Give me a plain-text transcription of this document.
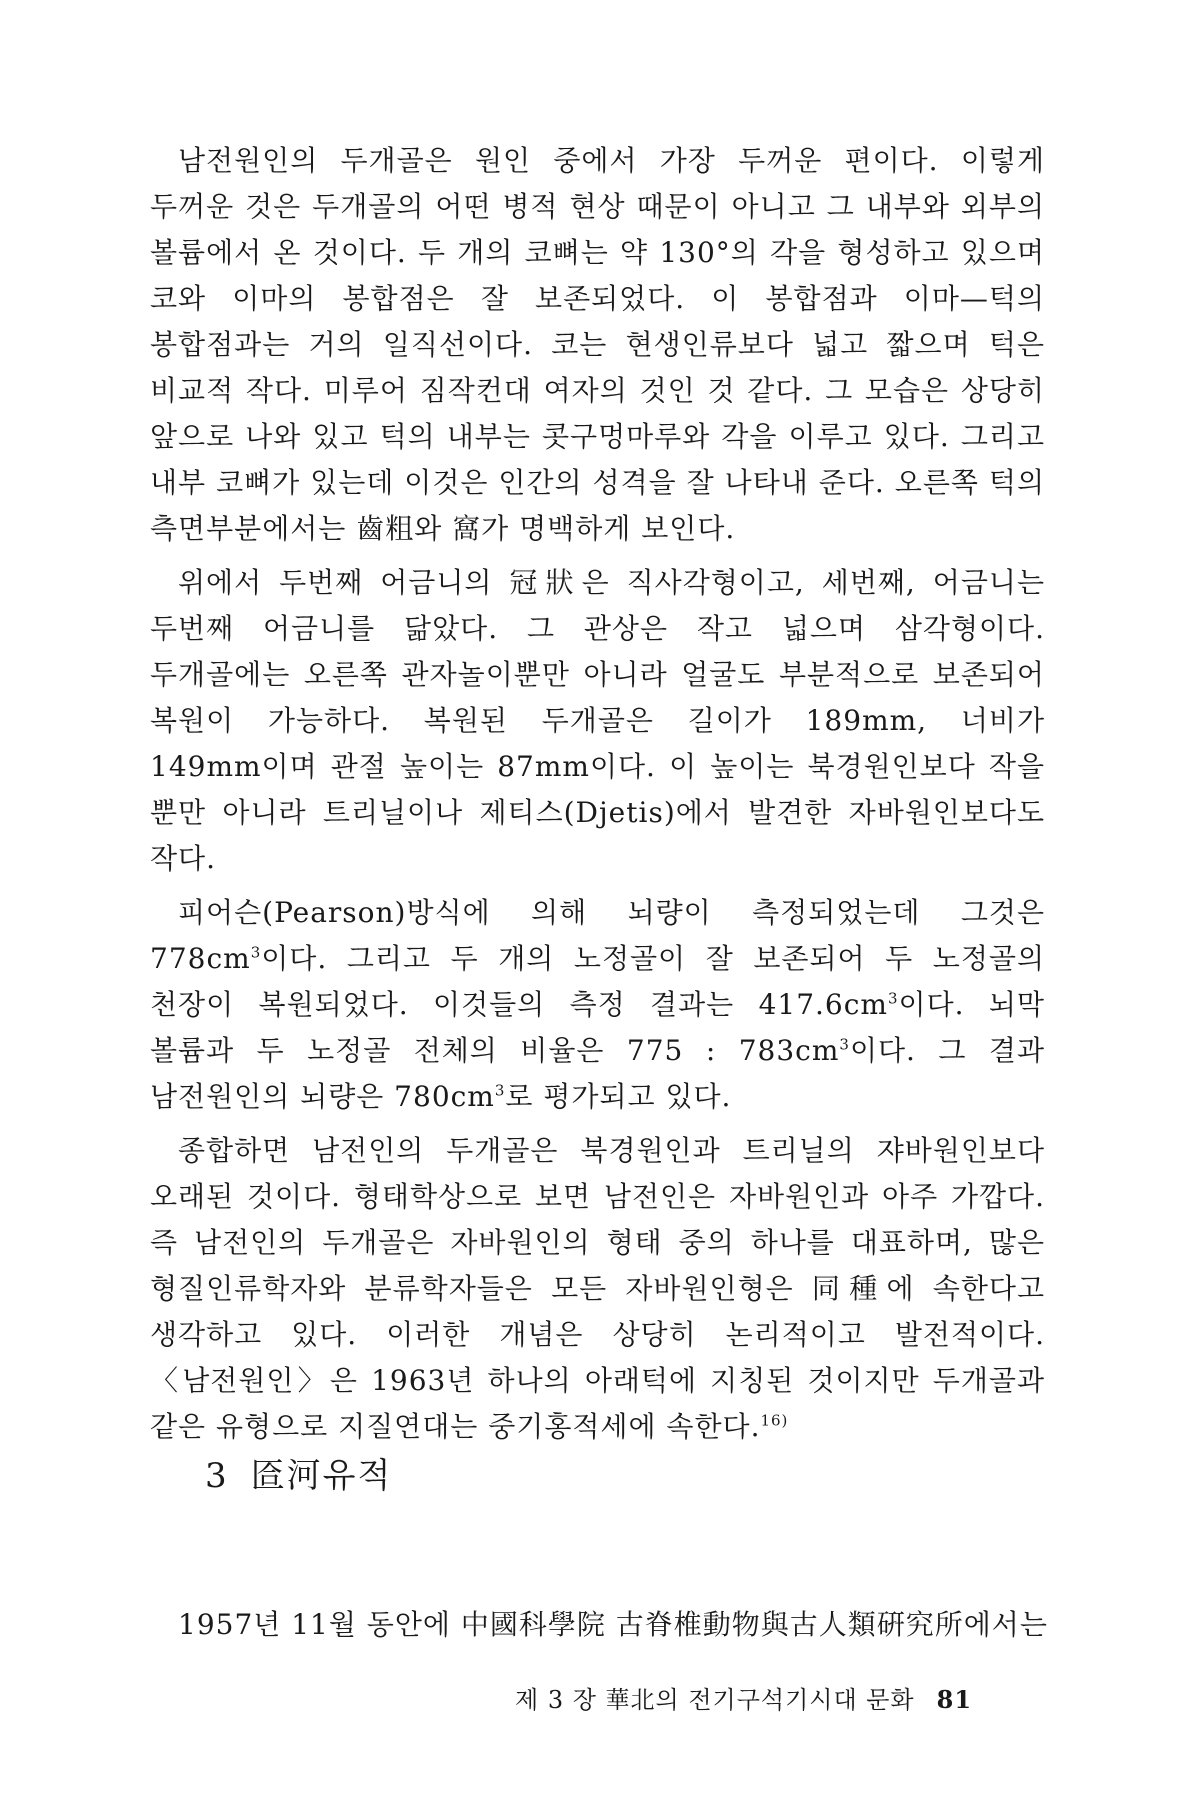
남전원인의 두개골은 원인 중에서 가장 두꺼운 편이다. 이렇게 두꺼운 것은 두개골의 어떤 병적 현상 때문이 아니고 그 내부와 외부의 볼륨에서 온 것이다. 두 개의 코뼈는 약 130°의 각을 형성하고 있으며 코와 이마의 봉합점은 잘 보존되었다. 이 봉합점과 이마—턱의 봉합점과는 거의 일직선이다. 코는 현생인류보다 넓고 짧으며 턱은 비교적 작다. 미루어 짐작컨대 여자의 것인 것 같다. 그 모습은 상당히 앞으로 나와 있고 턱의 내부는 콧구멍마루와 각을 이루고 있다. 그리고 내부 코뼈가 있는데 이것은 인간의 성격을 잘 나타내 준다. 오른쪽 턱의 측면부분에서는 齒粗와 窩가 명백하게 보인다.

위에서 두번째 어금니의 冠狀은 직사각형이고, 세번째, 어금니는 두번째 어금니를 닮았다. 그 관상은 작고 넓으며 삼각형이다. 두개골에는 오른쪽 관자놀이뿐만 아니라 얼굴도 부분적으로 보존되어 복원이 가능하다. 복원된 두개골은 길이가 189mm, 너비가 149mm이며 관절 높이는 87mm이다. 이 높이는 북경원인보다 작을 뿐만 아니라 트리닐이나 제티스(Djetis)에서 발견한 자바원인보다도 작다.

피어슨(Pearson)방식에 의해 뇌량이 측정되었는데 그것은 $778cm^3$이다. 그리고 두 개의 노정골이 잘 보존되어 두 노정골의 천장이 복원되었다. 이것들의 측정 결과는 $417.6cm^3$이다. 뇌막 볼륨과 두 노정골 전체의 비율은 775 : $783cm^3$이다. 그 결과 남전원인의 뇌량은 $780cm^3$로 평가되고 있다.

종합하면 남전인의 두개골은 북경원인과 트리닐의 쟈바원인보다 오래된 것이다. 형태학상으로 보면 남전인은 자바원인과 아주 가깝다. 즉 남전인의 두개골은 자바원인의 형태 중의 하나를 대표하며, 많은 형질인류학자와 분류학자들은 모든 자바원인형은 同種에 속한다고 생각하고 있다. 이러한 개념은 상당히 논리적이고 발전적이다. 〈남전원인〉은 1963년 하나의 아래턱에 지칭된 것이지만 두개골과 같은 유형으로 지질연대는 중기홍적세에 속한다.$^{16)}$

3 匼河유적

1957년 11월 동안에 中國科學院 古脊椎動物與古人類硏究所에서는

제 3 장 華北의 전기구석기시대 문화 81
